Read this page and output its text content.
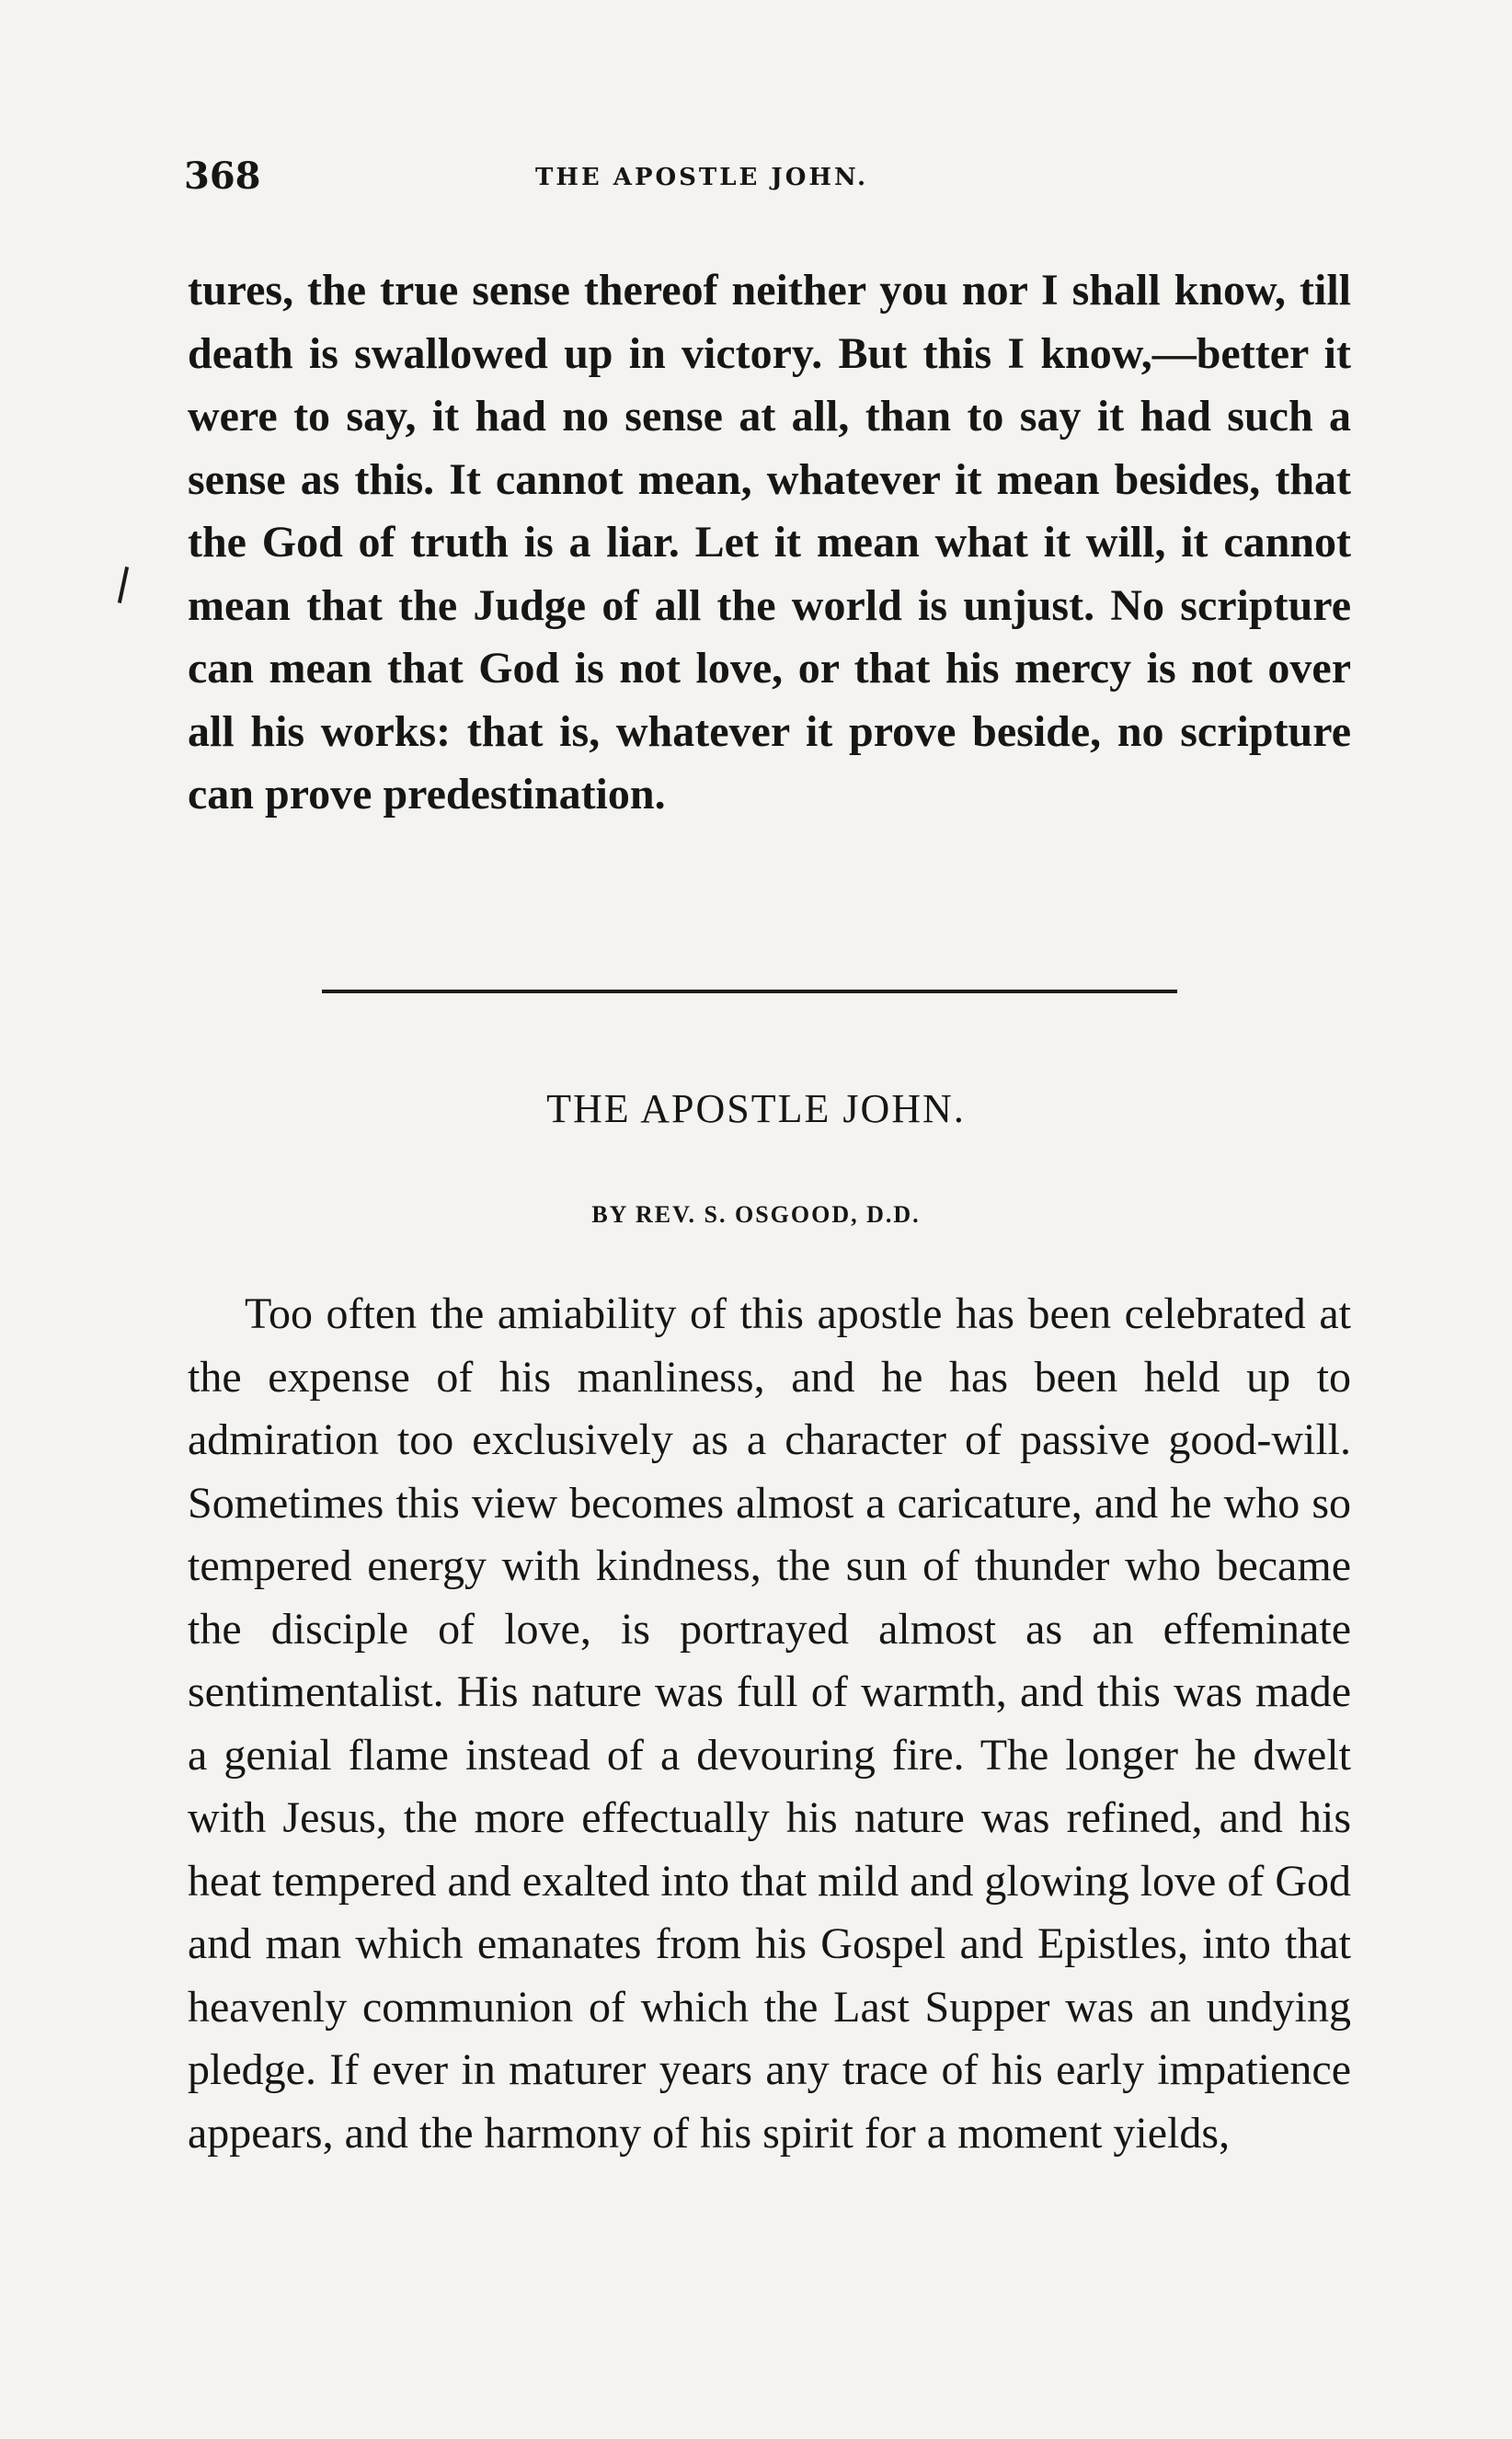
368	THE APOSTLE JOHN.

tures, the true sense thereof neither you nor I shall know, till death is swallowed up in victory. But this I know,—better it were to say, it had no sense at all, than to say it had such a sense as this. It cannot mean, whatever it mean besides, that the God of truth is a liar. Let it mean what it will, it cannot mean that the Judge of all the world is unjust. No scripture can mean that God is not love, or that his mercy is not over all his works: that is, whatever it prove beside, no scripture can prove predestination.

THE APOSTLE JOHN.

BY REV. S. OSGOOD, D.D.

Too often the amiability of this apostle has been celebrated at the expense of his manliness, and he has been held up to admiration too exclusively as a character of passive good-will. Sometimes this view becomes almost a caricature, and he who so tempered energy with kindness, the sun of thunder who became the disciple of love, is portrayed almost as an effeminate sentimentalist. His nature was full of warmth, and this was made a genial flame instead of a devouring fire. The longer he dwelt with Jesus, the more effectually his nature was refined, and his heat tempered and exalted into that mild and glowing love of God and man which emanates from his Gospel and Epistles, into that heavenly communion of which the Last Supper was an undying pledge. If ever in maturer years any trace of his early impatience appears, and the harmony of his spirit for a moment yields,
